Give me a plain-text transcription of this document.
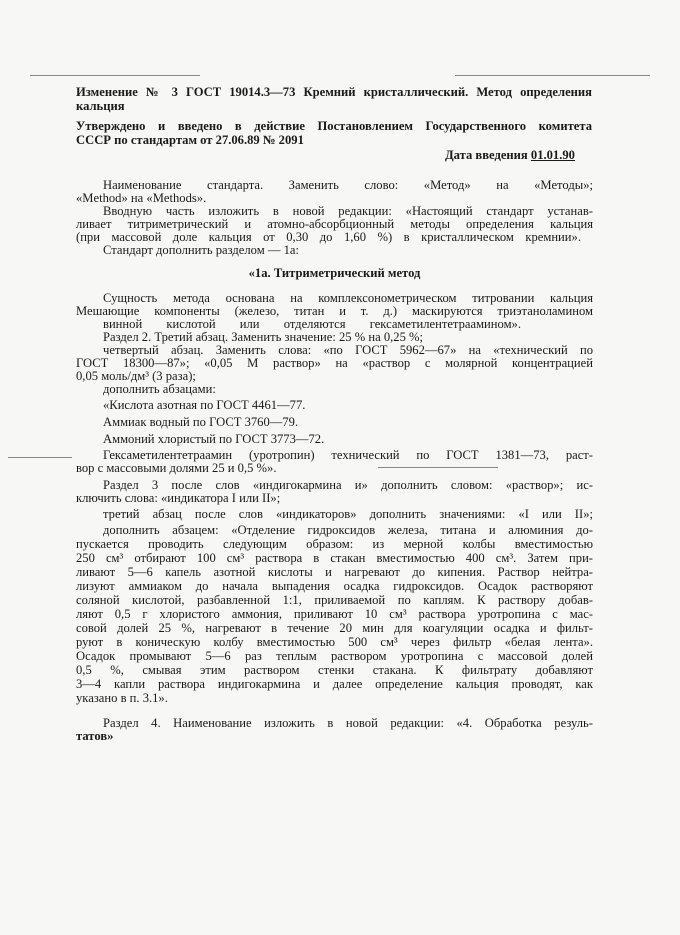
Изменение № 3 ГОСТ 19014.3—73 Кремний кристаллический. Метод определения
кальция
Утверждено и введено в действие Постановлением Государственного комитета
СССР по стандартам от 27.06.89 № 2091
Дата введения 01.01.90
Наименование стандарта. Заменить слово: «Метод» на «Методы»;
«Method» на «Methods».
Вводную часть изложить в новой редакции: «Настоящий стандарт устанав-
ливает титриметрический и атомно-абсорбционный методы определения кальция
(при массовой доле кальция от 0,30 до 1,60 %) в кристаллическом кремнии».
Стандарт дополнить разделом — 1а:
«1а. Титриметрический метод
Сущность метода основана на комплексонометрическом титровании кальция
Мешающие компоненты (железо, титан и т. д.) маскируются триэтаноламином
винной кислотой или отделяются гексаметилентетраамином».
Раздел 2. Третий абзац. Заменить значение: 25 % на 0,25 %;
четвертый абзац. Заменить слова: «по ГОСТ 5962—67» на «технический по
ГОСТ 18300—87»; «0,05 М раствор» на «раствор с молярной концентрацией
0,05 моль/дм³ (3 раза);
дополнить абзацами:
«Кислота азотная по ГОСТ 4461—77.
Аммиак водный по ГОСТ 3760—79.
Аммоний хлористый по ГОСТ 3773—72.
Гексаметилентетраамин (уротропин) технический по ГОСТ 1381—73, раст-
вор с массовыми долями 25 и 0,5 %».
Раздел 3 после слов «индигокармина и» дополнить словом: «раствор»; ис-
ключить слова: «индикатора I или II»;
третий абзац после слов «индикаторов» дополнить значениями: «I или II»;
дополнить абзацем: «Отделение гидроксидов железа, титана и алюминия до-
пускается проводить следующим образом: из мерной колбы вместимостью
250 см³ отбирают 100 см³ раствора в стакан вместимостью 400 см³. Затем при-
ливают 5—6 капель азотной кислоты и нагревают до кипения. Раствор нейтра-
лизуют аммиаком до начала выпадения осадка гидроксидов. Осадок растворяют
соляной кислотой, разбавленной 1:1, приливаемой по каплям. К раствору добав-
ляют 0,5 г хлористого аммония, приливают 10 см³ раствора уротропина с мас-
совой долей 25 %, нагревают в течение 20 мин для коагуляции осадка и фильт-
руют в коническую колбу вместимостью 500 см³ через фильтр «белая лента».
Осадок промывают 5—6 раз теплым раствором уротропина с массовой долей
0,5 %, смывая этим раствором стенки стакана. К фильтрату добавляют
3—4 капли раствора индигокармина и далее определение кальция проводят, как
указано в п. 3.1».
Раздел 4. Наименование изложить в новой редакции: «4. Обработка резуль-
татов»
